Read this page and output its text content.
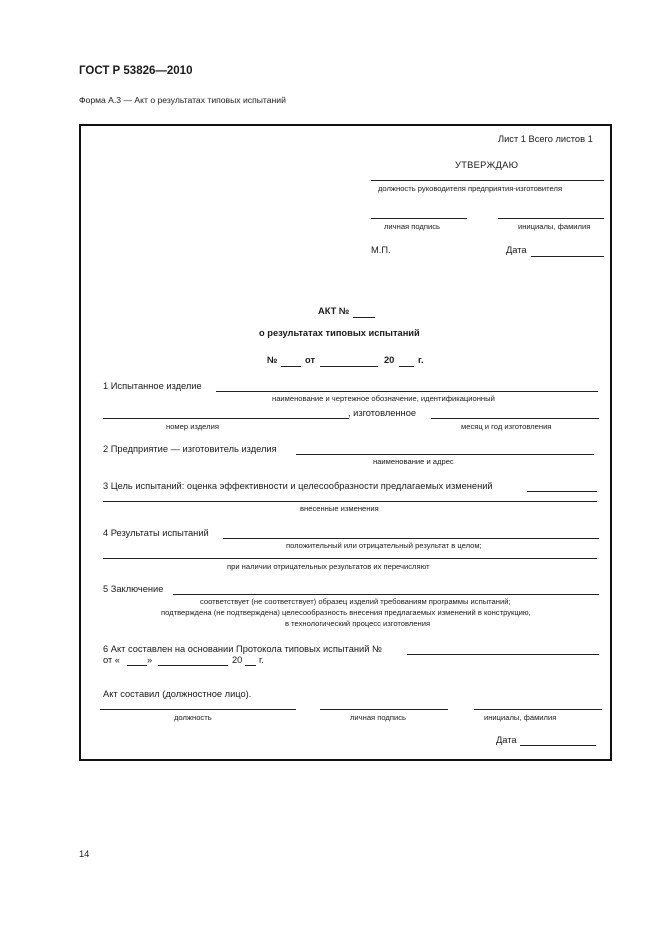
ГОСТ Р 53826—2010
Форма А.3 — Акт о результатах типовых испытаний
Лист 1 Всего листов 1
УТВЕРЖДАЮ
должность руководителя предприятия-изготовителя
личная подпись	инициалы, фамилия
М.П.	Дата
АКТ №
о результатах типовых испытаний
№	от	20	г.
1 Испытанное изделие
наименование и чертежное обозначение, идентификационный
, изготовленное
номер изделия	месяц и год изготовления
2 Предприятие — изготовитель изделия
наименование и адрес
3 Цель испытаний: оценка эффективности и целесообразности предлагаемых изменений
внесенные изменения
4 Результаты испытаний
положительный или отрицательный результат в целом;
при наличии отрицательных результатов их перечисляют
5 Заключение
соответствует (не соответствует) образец изделий требованиям программы испытаний;
подтверждена (не подтверждена) целесообразность внесения предлагаемых изменений в конструкцию,
в технологический процесс изготовления
6 Акт составлен на основании Протокола типовых испытаний №
от «	»	20 г.
Акт составил (должностное лицо).
должность	личная подпись	инициалы, фамилия
Дата
14
